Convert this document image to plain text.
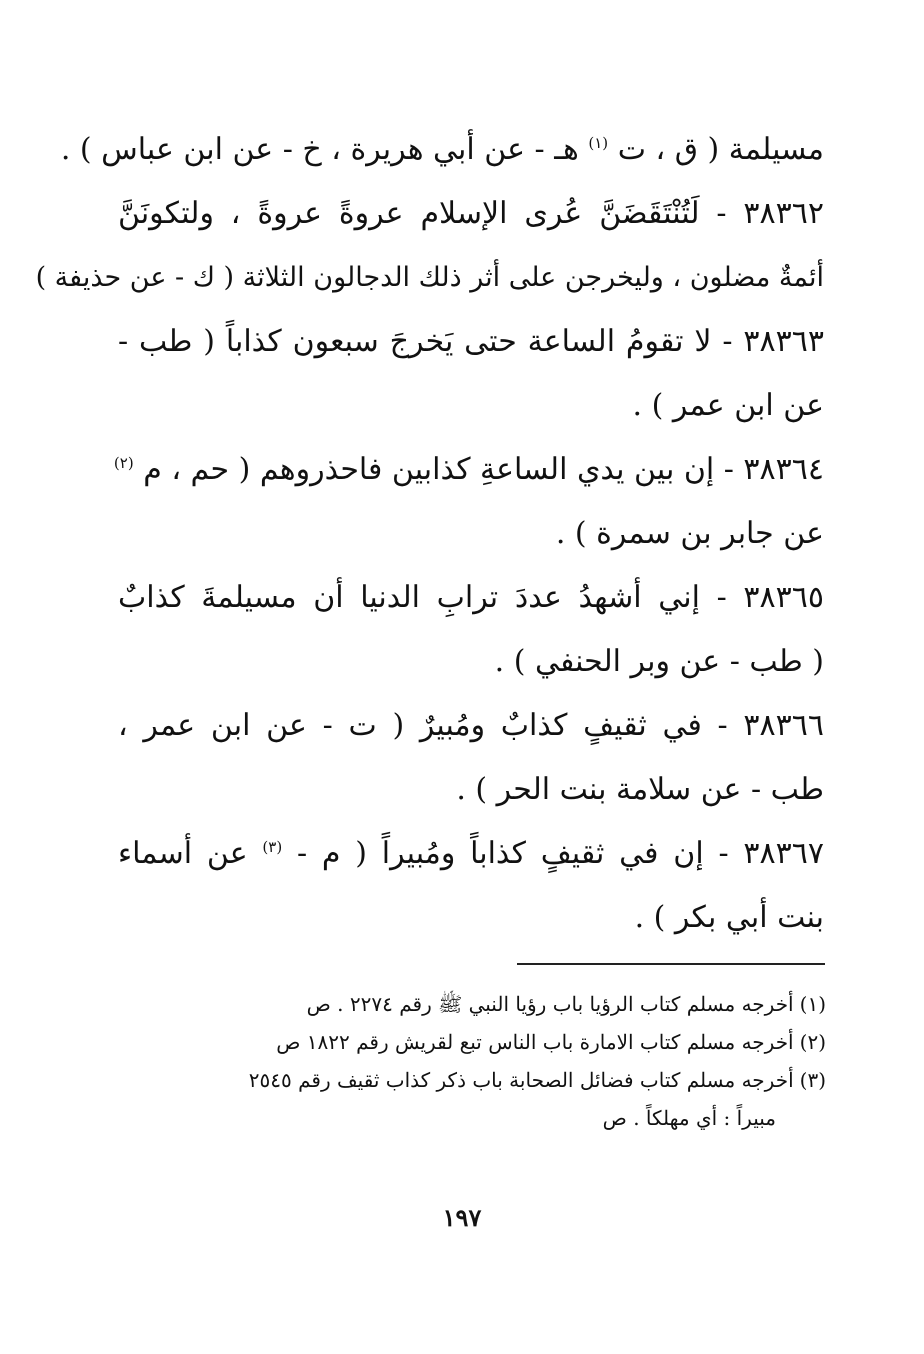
مسيلمة ( ق ، ت $^{(١)}$ هـ - عن أبي هريرة ، خ - عن ابن عباس ) .
٣٨٣٦٢ - لَتُنْتَقَضَنَّ عُرى الإسلام عروةً عروةً ، ولتكونَنَّ
أئمةٌ مضلون ، وليخرجن على أثر ذلك الدجالون الثلاثة ( ك - عن حذيفة )
٣٨٣٦٣ - لا تقومُ الساعة حتى يَخرجَ سبعون كذاباً ( طب -
عن ابن عمر ) .
٣٨٣٦٤ - إن بين يدي الساعةِ كذابين فاحذروهم ( حم ، م $^{(٢)}$
عن جابر بن سمرة ) .
٣٨٣٦٥ - إني أشهدُ عددَ ترابِ الدنيا أن مسيلمةَ كذابٌ
( طب - عن وبر الحنفي ) .
٣٨٣٦٦ - في ثقيفٍ كذابٌ ومُبيرٌ ( ت - عن ابن عمر ،
طب - عن سلامة بنت الحر ) .
٣٨٣٦٧ - إن في ثقيفٍ كذاباً ومُبيراً ( م - $^{(٣)}$ عن أسماء
بنت أبي بكر ) .
(١)أخرجه مسلم كتاب الرؤيا باب رؤيا النبي ﷺ رقم ٢٢٧٤ . ص
(٢)أخرجه مسلم كتاب الامارة باب الناس تبع لقريش رقم ١٨٢٢ ص
(٣)أخرجه مسلم كتاب فضائل الصحابة باب ذكر كذاب ثقيف رقم ٢٥٤٥
مبيراً : أي مهلكاً . ص
١٩٧
